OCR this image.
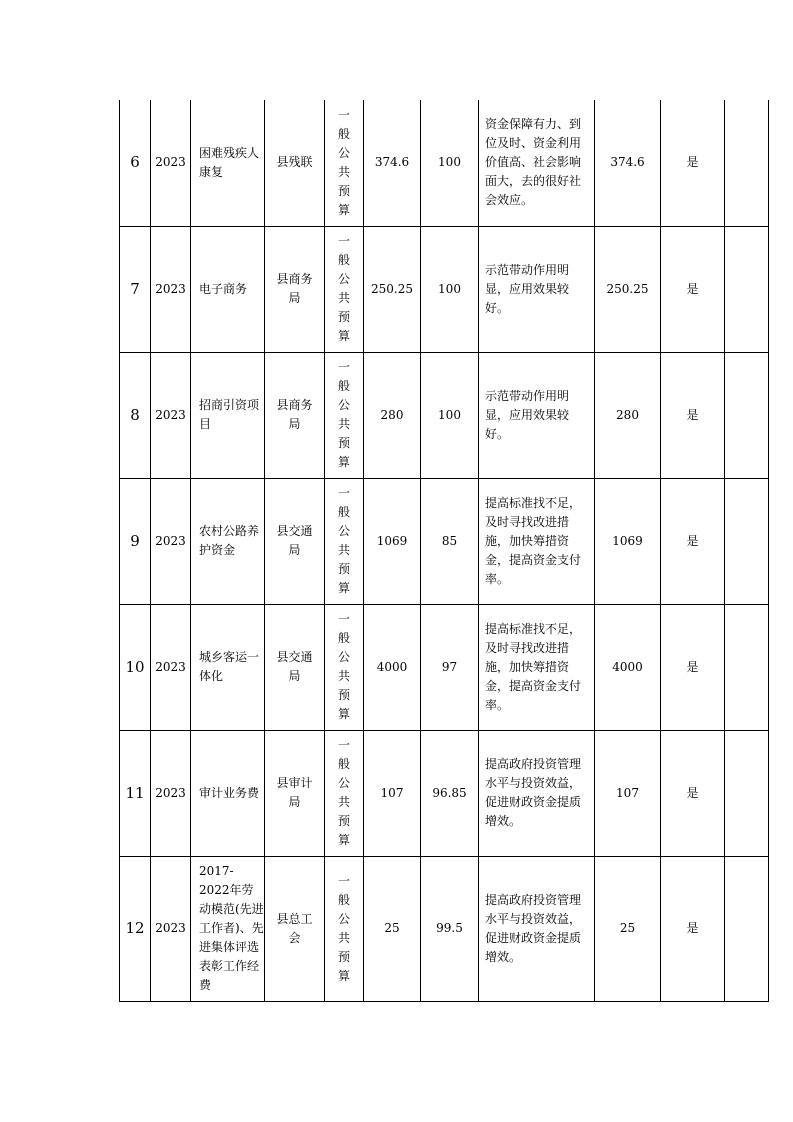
6	2023	困难残疾人康复	县残联	一般公共预算	374.6	100	资金保障有力、到位及时、资金利用价值高、社会影响面大，去的很好社会效应。	374.6	是	
7	2023	电子商务	县商务局	一般公共预算	250.25	100	示范带动作用明显，应用效果较好。	250.25	是	
8	2023	招商引资项目	县商务局	一般公共预算	280	100	示范带动作用明显，应用效果较好。	280	是	
9	2023	农村公路养护资金	县交通局	一般公共预算	1069	85	提高标准找不足，及时寻找改进措施，加快筹措资金，提高资金支付率。	1069	是	
10	2023	城乡客运一体化	县交通局	一般公共预算	4000	97	提高标准找不足，及时寻找改进措施，加快筹措资金，提高资金支付率。	4000	是	
11	2023	审计业务费	县审计局	一般公共预算	107	96.85	提高政府投资管理水平与投资效益，促进财政资金提质增效。	107	是	
12	2023	2017-2022年劳动模范(先进工作者)、先进集体评选表彰工作经费	县总工会	一般公共预算	25	99.5	提高政府投资管理水平与投资效益，促进财政资金提质增效。	25	是	
